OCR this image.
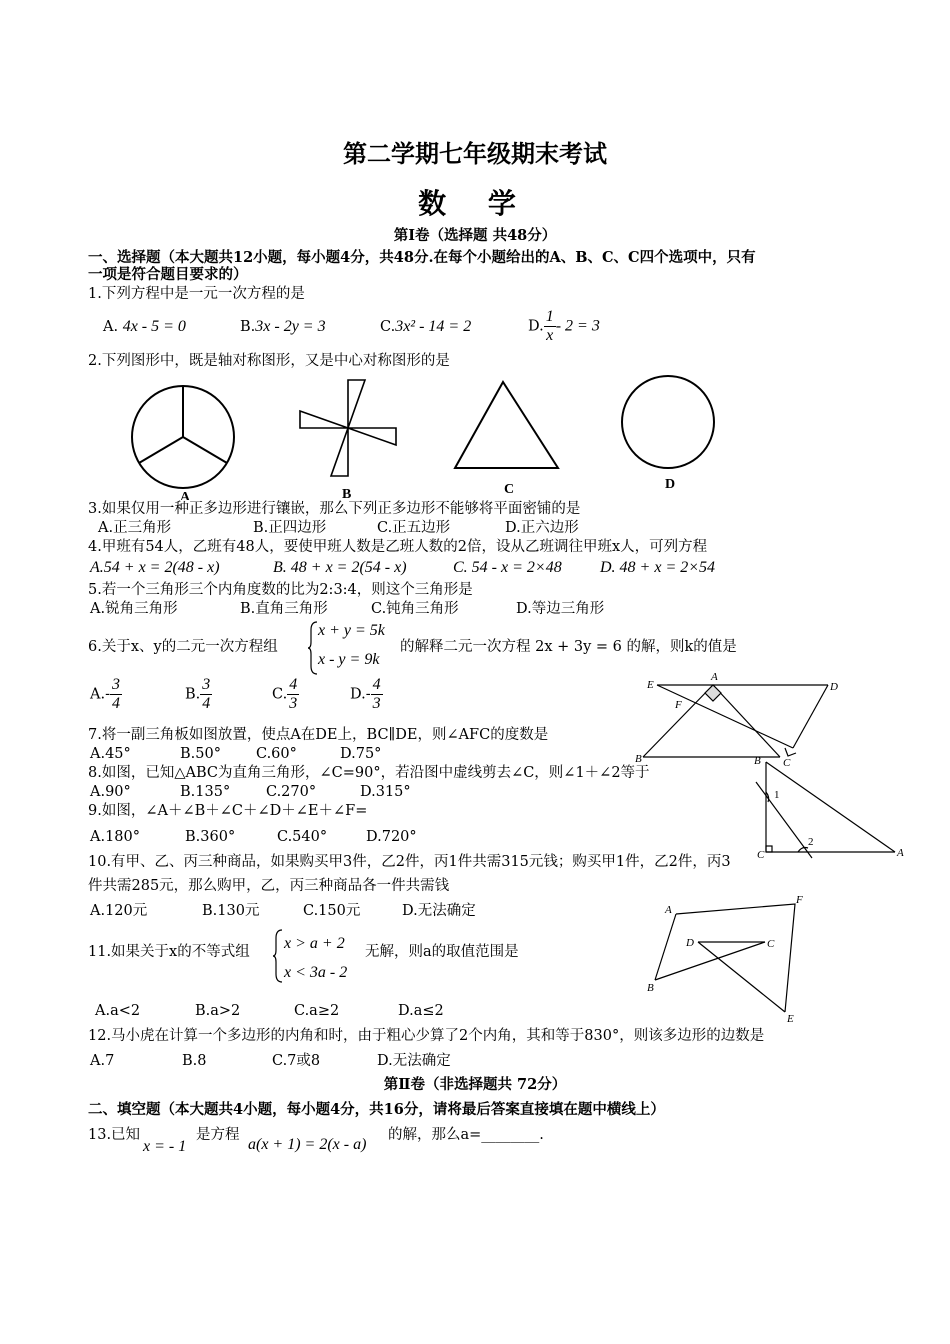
第二学期七年级期末考试
数 学
第Ⅰ卷（选择题 共48分）
一、选择题（本大题共12小题，每小题4分，共48分.在每个小题给出的A、B、C、C四个选项中，只有
一项是符合题目要求的）
1.下列方程中是一元一次方程的是
A. 4x - 5 = 0	B.3x - 2y = 3	C.3x² - 14 = 2	D. $\frac{1}{x} - 2 = 3$
2.下列图形中，既是轴对称图形，又是中心对称图形的是
A	B	C	D
3.如果仅用一种正多边形进行镶嵌，那么下列正多边形不能够将平面密铺的是
A.正三角形	B.正四边形	C.正五边形	D.正六边形
4.甲班有54人，乙班有48人，要使甲班人数是乙班人数的2倍，设从乙班调往甲班x人，可列方程
A.54 + x = 2(48 - x)	B. 48 + x = 2(54 - x)	C. 54 - x = 2×48 D. 48 + x = 2×54
5.若一个三角形三个内角度数的比为2:3:4，则这个三角形是
A.锐角三角形	B.直角三角形	C.钝角三角形	D.等边三角形
6.关于x、y的二元一次方程组
x + y = 5k
x - y = 9k
的解释二元一次方程 2x + 3y = 6 的解，则k的值是
$A.- \frac{3}{4}$	B. $\frac{3}{4}$	C. $\frac{4}{3}$	$D.- \frac{4}{3}$	E
A
D
F
B	C
7.将一副三角板如图放置，使点A在DE上，BC∥DE，则∠AFC的度数是
A.45°	B.50° C.60°	D.75°
8.如图，已知△ABC为直角三角形，∠C=90°，若沿图中虚线剪去∠C，则∠1＋∠2等于
A.90°	B.135° C.270°	D.315°
B
1
2
C	A
9.如图，∠A＋∠B＋∠C＋∠D＋∠E＋∠F=
A.180°	B.360°	C.540°	D.720°
10.有甲、乙、丙三种商品，如果购买甲3件，乙2件，丙1件共需315元钱；购买甲1件，乙2件，丙3
件共需285元，那么购甲，乙，丙三种商品各一件共需钱
A.120元	B.130元	C.150元	D.无法确定	A
F
D	C
B
E
11.如果关于x的不等式组 x > a + 2
x < 3a - 2
无解，则a的取值范围是
A.a<2	B.a>2	C.a≥2	D.a≤2
12.马小虎在计算一个多边形的内角和时，由于粗心少算了2个内角，其和等于830°，则该多边形的边数是
A.7	B.8	C.7或8	D.无法确定
第Ⅱ卷（非选择题共 72分）
二、填空题（本大题共4小题，每小题4分，共16分，请将最后答案直接填在题中横线上）
13.已知
x = - 1
是方程
a(x + 1) = 2(x - a)
的解，那么a=________.
